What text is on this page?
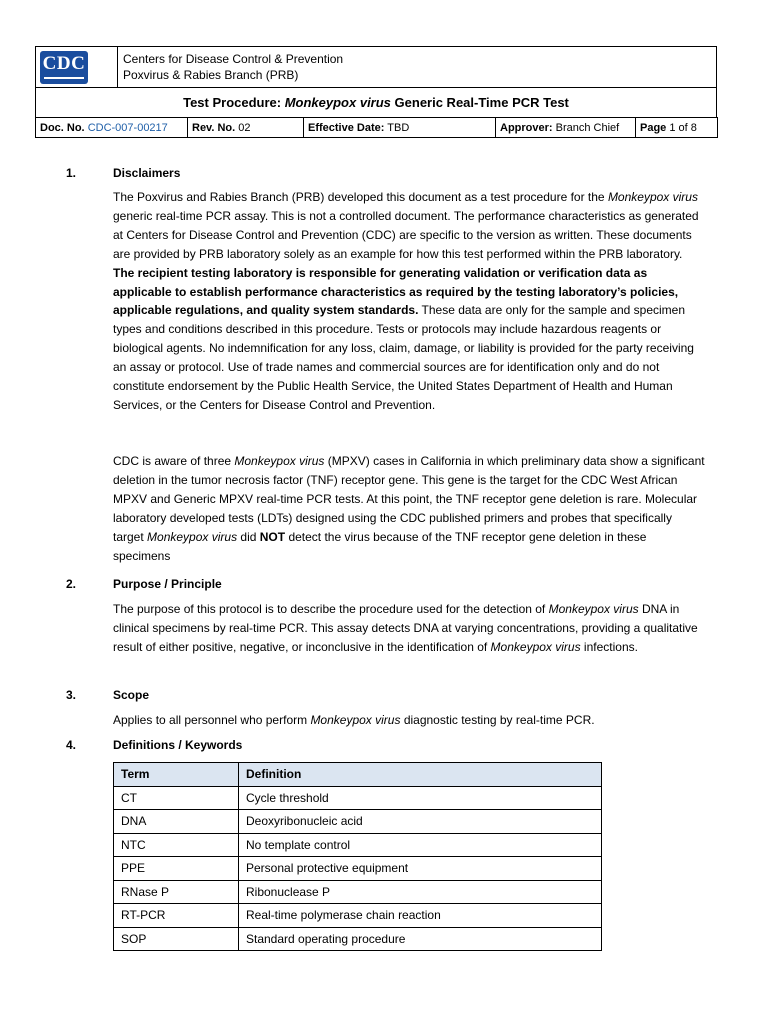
CDC	Centers for Disease Control & Prevention
Poxvirus & Rabies Branch (PRB)

Test Procedure: Monkeypox virus Generic Real-Time PCR Test
Doc. No. CDC-007-00217	Rev. No. 02	Effective Date: TBD	Approver: Branch Chief	Page 1 of 8
1.	Disclaimers
The Poxvirus and Rabies Branch (PRB) developed this document as a test procedure for the Monkeypox virus generic real-time PCR assay. This is not a controlled document. The performance characteristics as generated at Centers for Disease Control and Prevention (CDC) are specific to the version as written. These documents are provided by PRB laboratory solely as an example for how this test performed within the PRB laboratory. The recipient testing laboratory is responsible for generating validation or verification data as applicable to establish performance characteristics as required by the testing laboratory’s policies, applicable regulations, and quality system standards. These data are only for the sample and specimen types and conditions described in this procedure. Tests or protocols may include hazardous reagents or biological agents. No indemnification for any loss, claim, damage, or liability is provided for the party receiving an assay or protocol. Use of trade names and commercial sources are for identification only and do not constitute endorsement by the Public Health Service, the United States Department of Health and Human Services, or the Centers for Disease Control and Prevention.
CDC is aware of three Monkeypox virus (MPXV) cases in California in which preliminary data show a significant deletion in the tumor necrosis factor (TNF) receptor gene. This gene is the target for the CDC West African MPXV and Generic MPXV real-time PCR tests. At this point, the TNF receptor gene deletion is rare. Molecular laboratory developed tests (LDTs) designed using the CDC published primers and probes that specifically target Monkeypox virus did NOT detect the virus because of the TNF receptor gene deletion in these specimens
2.	Purpose / Principle
The purpose of this protocol is to describe the procedure used for the detection of Monkeypox virus DNA in clinical specimens by real-time PCR. This assay detects DNA at varying concentrations, providing a qualitative result of either positive, negative, or inconclusive in the identification of Monkeypox virus infections.
3.	Scope
Applies to all personnel who perform Monkeypox virus diagnostic testing by real-time PCR.
4.	Definitions / Keywords
Term	Definition
CT	Cycle threshold
DNA	Deoxyribonucleic acid
NTC	No template control
PPE	Personal protective equipment
RNase P	Ribonuclease P
RT-PCR	Real-time polymerase chain reaction
SOP	Standard operating procedure
